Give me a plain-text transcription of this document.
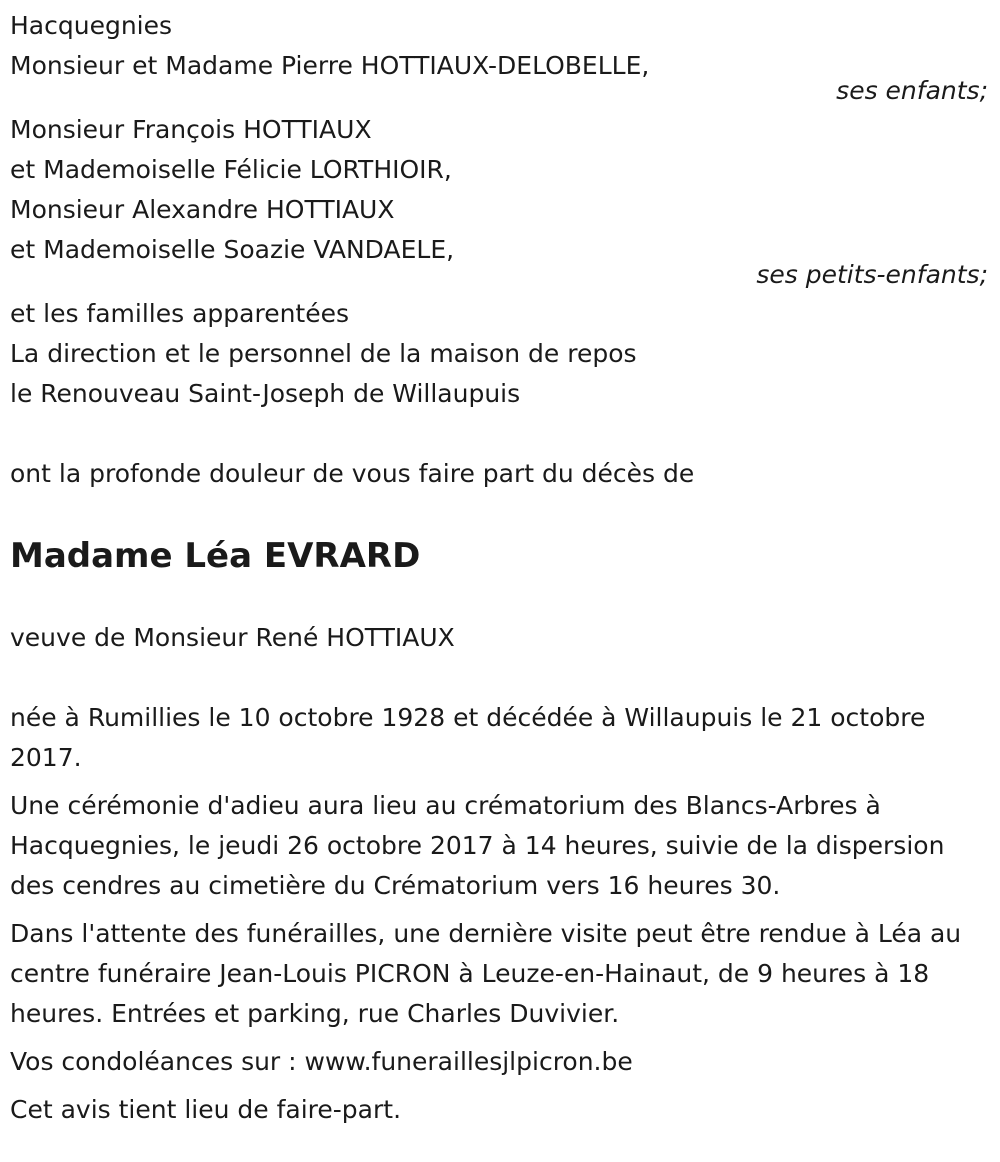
Hacquegnies
Monsieur et Madame Pierre HOTTIAUX-DELOBELLE,
ses enfants;
Monsieur François HOTTIAUX
et Mademoiselle Félicie LORTHIOIR,
Monsieur Alexandre HOTTIAUX
et Mademoiselle Soazie VANDAELE,
ses petits-enfants;
et les familles apparentées
La direction et le personnel de la maison de repos
le Renouveau Saint-Joseph de Willaupuis
ont la profonde douleur de vous faire part du décès de
Madame Léa EVRARD
veuve de Monsieur René HOTTIAUX
née à Rumillies le 10 octobre 1928 et décédée à Willaupuis le 21 octobre 2017.
Une cérémonie d'adieu aura lieu au crématorium des Blancs-Arbres à Hacquegnies, le jeudi 26 octobre 2017 à 14 heures, suivie de la dispersion des cendres au cimetière du Crématorium vers 16 heures 30.
Dans l'attente des funérailles, une dernière visite peut être rendue à Léa au centre funéraire Jean-Louis PICRON à Leuze-en-Hainaut, de 9 heures à 18 heures. Entrées et parking, rue Charles Duvivier.
Vos condoléances sur : www.funeraillesjlpicron.be
Cet avis tient lieu de faire-part.
